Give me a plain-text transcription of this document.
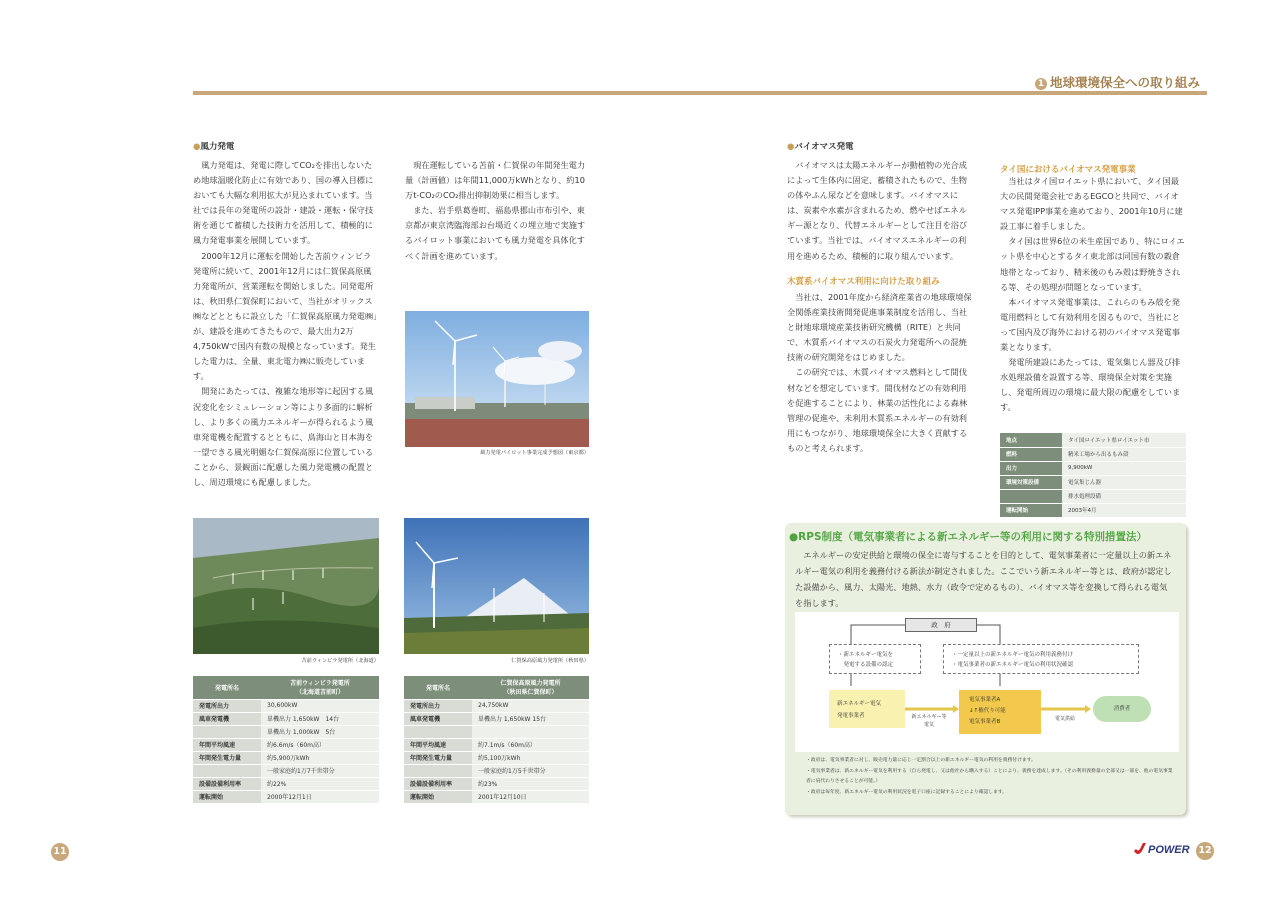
1 地球環境保全への取り組み
●風力発電
風力発電は、発電に際してCO₂を排出しないため地球温暖化防止に有効であり、国の導入目標においても大幅な利用拡大が見込まれています。当社では長年の発電所の設計・建設・運転・保守技術を通じて蓄積した技術力を活用して、積極的に風力発電事業を展開しています。
　2000年12月に運転を開始した苫前ウィンビラ発電所に続いて、2001年12月には仁賀保高原風力発電所が、営業運転を開始しました。同発電所は、秋田県仁賀保町において、当社がオリックス㈱などとともに設立した「仁賀保高原風力発電㈱」が、建設を進めてきたもので、最大出力2万4,750kWで国内有数の規模となっています。発生した電力は、全量、東北電力㈱に販売しています。
　開発にあたっては、複雑な地形等に起因する風況変化をシミュレーション等により多面的に解析し、より多くの風力エネルギーが得られるよう風車発電機を配置するとともに、鳥海山と日本海を一望できる風光明媚な仁賀保高原に位置していることから、景観面に配慮した風力発電機の配置とし、周辺環境にも配慮しました。
現在運転している苫前・仁賀保の年間発生電力量（計画値）は年間11,000万kWhとなり、約10万t-CO₂のCO₂排出抑制効果に相当します。
　また、岩手県葛巻町、福島県郡山市布引や、東京都が東京湾臨海部お台場近くの埋立地で実施するパイロット事業においても風力発電を具体化すべく計画を進めています。
風力発電パイロット事業完成予想図（東京都）
苫前ウィンビラ発電所（北海道）	仁賀保高原風力発電所（秋田県）
発電所名	苫前ウィンビラ発電所
（北海道苫前町）
発電所出力	30,600kW
風車発電機	単機出力 1,650kW　14台
	単機出力 1,000kW　5台
年間平均風速	約6.6m/s（60m高）
年間発生電力量	約5,900万kWh
	一般家庭約1万7千世帯分
設備設備利用率	約22%
運転開始	2000年12月1日
発電所名	仁賀保高原風力発電所
（秋田県仁賀保町）
発電所出力	24,750kW
風車発電機	単機出力 1,650kW 15台

年間平均風速	約7.1m/s（60m高）
年間発生電力量	約5,100万kWh
	一般家庭約1万5千世帯分
設備設備利用率	約23%
運転開始	2001年12月10日
●バイオマス発電
バイオマスは太陽エネルギーが動植物の光合成によって生体内に固定、蓄積されたもので、生物の体やふん尿などを意味します。バイオマスには、炭素や水素が含まれるため、燃やせばエネルギー源となり、代替エネルギーとして注目を浴びています。当社では、バイオマスエネルギーの利用を進めるため、積極的に取り組んでいます。
木質系バイオマス利用に向けた取り組み
当社は、2001年度から経済産業省の地球環境保全関係産業技術開発促進事業制度を活用し、当社と財地球環境産業技術研究機構（RITE）と共同で、木質系バイオマスの石炭火力発電所への混焼技術の研究開発をはじめました。
　この研究では、木質バイオマス燃料として間伐材などを想定しています。間伐材などの有効利用を促進することにより、林業の活性化による森林管理の促進や、未利用木質系エネルギーの有効利用にもつながり、地球環境保全に大きく貢献するものと考えられます。
タイ国におけるバイオマス発電事業
当社はタイ国ロイエット県において、タイ国最大の民間発電会社であるEGCOと共同で、バイオマス発電IPP事業を進めており、2001年10月に建設工事に着手しました。
　タイ国は世界6位の米生産国であり、特にロイエット県を中心とするタイ東北部は同国有数の穀倉地帯となっており、精米後のもみ殻は野焼きされる等、その処理が問題となっています。
　本バイオマス発電事業は、これらのもみ殻を発電用燃料として有効利用を図るもので、当社にとって国内及び海外における初のバイオマス発電事業となります。
　発電所建設にあたっては、電気集じん器及び排水処理設備を設置する等、環境保全対策を実施し、発電所周辺の環境に最大限の配慮をしています。
地点	タイ国ロイエット県ロイエット市
燃料	精米工場から出るもみ殻
出力	9,900kW
環境対策設備	電気集じん器
	排水処理設備
運転開始	2003年4月
●RPS制度（電気事業者による新エネルギー等の利用に関する特別措置法）
エネルギーの安定供給と環境の保全に寄与することを目的として、電気事業者に一定量以上の新エネルギー電気の利用を義務付ける新法が制定されました。ここでいう新エネルギー等とは、政府が認定した設備から、風力、太陽光、地熱、水力（政令で定めるもの）、バイオマス等を変換して得られる電気を指します。
政　府
・新エネルギー電気を
　発電する設備の認定
・一定量以上の新エネルギー電気の利用義務付け
・電気事業者の新エネルギー電気の利用状況確認
新エネルギー電気
発電事業者	新エネルギー等
電気
電気事業者A
↓↑権代り可能
電気事業者B	電気供給
消費者
・政府は、電気事業者に対し、販売電力量に応じ一定割合以上の新エネルギー電気の利用を義務付けます。
・電気事業者は、新エネルギー電気を利用する（自ら発電し、又は他社から購入する）ことにより、義務を達成します。（その利用義務量の全部又は一部を、他の電気事業者に肩代わりさせることが可能。）
・政府は毎年度、新エネルギー電気の利用状況を電子口座に記録することにより確認します。
11	12
POWER
